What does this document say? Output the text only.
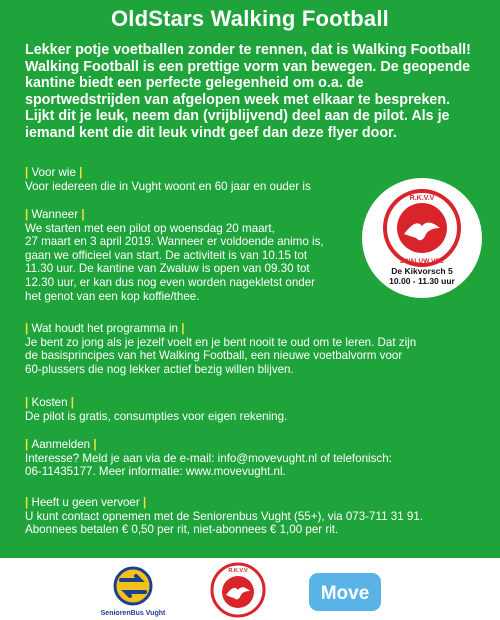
OldStars Walking Football

Lekker potje voetballen zonder te rennen, dat is Walking Football! Walking Football is een prettige vorm van bewegen. De geopende kantine biedt een perfecte gelegenheid om o.a. de sportwedstrijden van afgelopen week met elkaar te bespreken. Lijkt dit je leuk, neem dan (vrijblijvend) deel aan de pilot. Als je iemand kent die dit leuk vindt geef dan deze flyer door.

| Voor wie |
Voor iedereen die in Vught woont en 60 jaar en ouder is
| Wanneer |
We starten met een pilot op woensdag 20 maart,
27 maart en 3 april 2019. Wanneer er voldoende animo is,
gaan we officieel van start. De activiteit is van 10.15 tot
11.30 uur. De kantine van Zwaluw is open van 09.30 tot
12.30 uur, er kan dus nog even worden nagekletst onder
het genot van een kop koffie/thee.
| Wat houdt het programma in |
Je bent zo jong als je jezelf voelt en je bent nooit te oud om te leren. Dat zijn
de basisprincipes van het Walking Football, een nieuwe voetbalvorm voor
60-plussers die nog lekker actief bezig willen blijven.
| Kosten |
De pilot is gratis, consumpties voor eigen rekening.
| Aanmelden |
Interesse? Meld je aan via de e-mail: info@movevught.nl of telefonisch:
06-11435177. Meer informatie: www.movevught.nl.
| Heeft u geen vervoer |
U kunt contact opnemen met de Seniorenbus Vught (55+), via 073-711 31 91.
Abonnees betalen € 0,50 per rit, niet-abonnees € 1,00 per rit.
R.K.V.V
ZWALUW VFC
De Kikvorsch 5
10.00 - 11.30 uur
SeniorenBus Vught
R.K.V.V
Move
